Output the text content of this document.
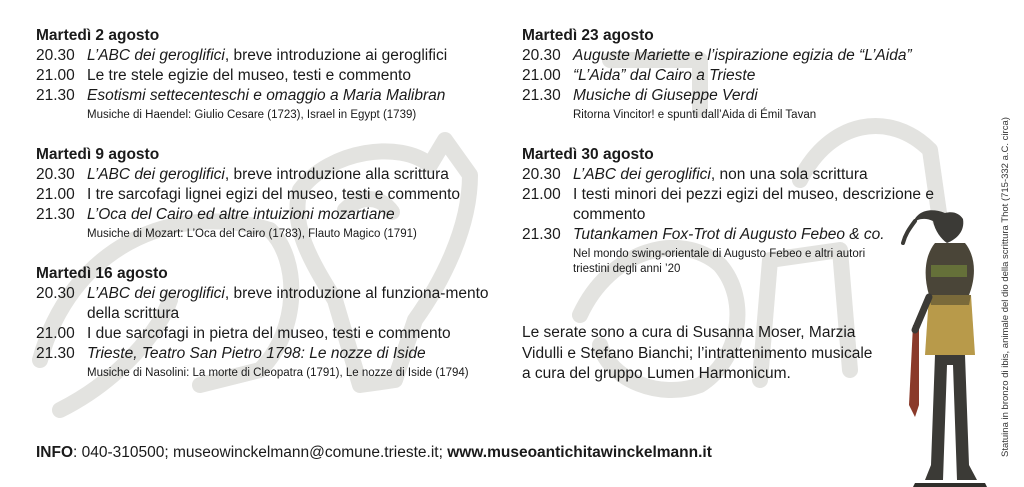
Martedì 2 agosto
20.30 L’ABC dei geroglifici, breve introduzione ai geroglifici
21.00 Le tre stele egizie del museo, testi e commento
21.30 Esotismi settecenteschi e omaggio a Maria Malibran
Musiche di Haendel: Giulio Cesare (1723), Israel in Egypt (1739)
Martedì 9 agosto
20.30 L’ABC dei geroglifici, breve introduzione alla scrittura
21.00 I tre sarcofagi lignei egizi del museo, testi e commento
21.30 L’Oca del Cairo ed altre intuizioni mozartiane
Musiche di Mozart: L’Oca del Cairo (1783), Flauto Magico (1791)
Martedì 16 agosto
20.30 L’ABC dei geroglifici, breve introduzione al funziona-mento della scrittura
21.00 I due sarcofagi in pietra del museo, testi e commento
21.30 Trieste, Teatro San Pietro 1798: Le nozze di Iside
Musiche di Nasolini: La morte di Cleopatra (1791), Le nozze di Iside (1794)
Martedì 23 agosto
20.30 Auguste Mariette e l’ispirazione egizia de “L’Aida”
21.00 “L’Aida” dal Cairo a Trieste
21.30 Musiche di Giuseppe Verdi
Ritorna Vincitor! e spunti dall’Aida di Émil Tavan
Martedì 30 agosto
20.30 L’ABC dei geroglifici, non una sola scrittura
21.00 I testi minori dei pezzi egizi del museo, descrizione e commento
21.30 Tutankamen Fox-Trot di Augusto Febeo & co.
Nel mondo swing-orientale di Augusto Febeo e altri autori triestini degli anni ’20
Le serate sono a cura di Susanna Moser, Marzia Vidulli e Stefano Bianchi; l’intrattenimento musicale a cura del gruppo Lumen Harmonicum.
INFO: 040-310500; museowinckelmann@comune.trieste.it; www.museoantichitawinckelmann.it	Statuina in bronzo di ibis, animale del dio della scrittura Thot (715-332 a.C. circa)
